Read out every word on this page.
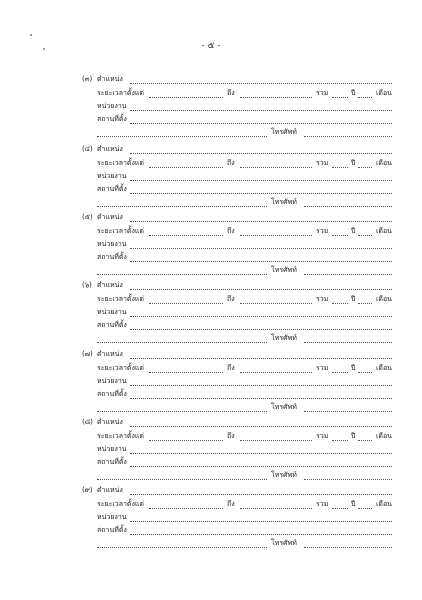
- ๕ -
(๓) ตำแหน่ง
ระยะเวลาตั้งแต่	ถึง	รวม	ปี	เดือน
หน่วยงาน
สถานที่ตั้ง
โทรศัพท์
(๔) ตำแหน่ง
ระยะเวลาตั้งแต่	ถึง	รวม	ปี	เดือน
หน่วยงาน
สถานที่ตั้ง
โทรศัพท์
(๕) ตำแหน่ง
ระยะเวลาตั้งแต่	ถึง	รวม	ปี	เดือน
หน่วยงาน
สถานที่ตั้ง
โทรศัพท์
(๖) ตำแหน่ง
ระยะเวลาตั้งแต่	ถึง	รวม	ปี	เดือน
หน่วยงาน
สถานที่ตั้ง
โทรศัพท์
(๗) ตำแหน่ง
ระยะเวลาตั้งแต่	ถึง	รวม	ปี	เดือน
หน่วยงาน
สถานที่ตั้ง
โทรศัพท์
(๘) ตำแหน่ง
ระยะเวลาตั้งแต่	ถึง	รวม	ปี	เดือน
หน่วยงาน
สถานที่ตั้ง
โทรศัพท์
(๙) ตำแหน่ง
ระยะเวลาตั้งแต่	ถึง	รวม	ปี	เดือน
หน่วยงาน
สถานที่ตั้ง
โทรศัพท์
